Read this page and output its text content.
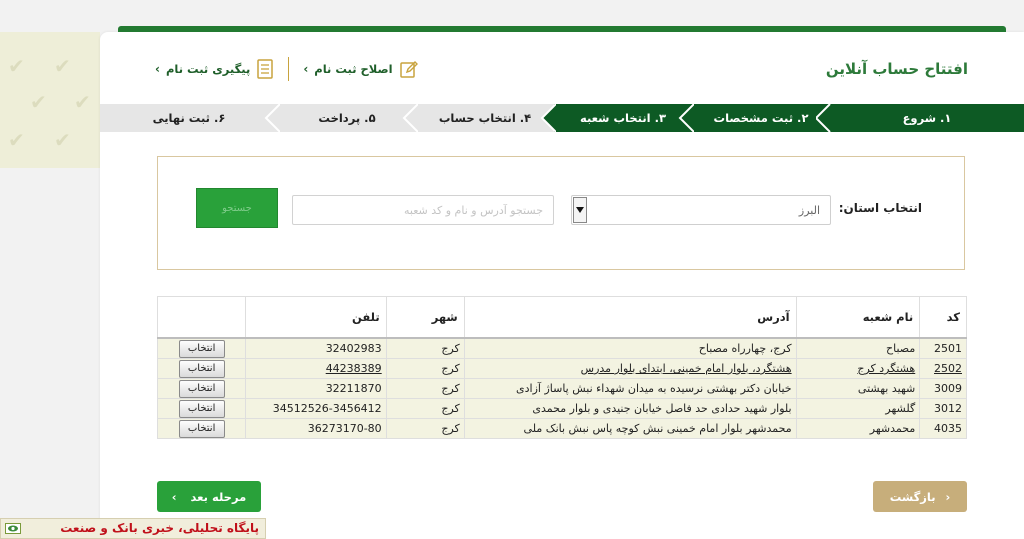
✔ ✔
✔ ✔
✔ ✔
افتتاح حساب آنلاین
‹ پیگیری ثبت نام	‹ اصلاح ثبت نام
۱. شروع
۲. ثبت مشخصات
۳. انتخاب شعبه
۴. انتخاب حساب
۵. پرداخت
۶. ثبت نهایی
انتخاب استان:
البرز
جستجو آدرس و نام و کد شعبه
جستجو
کد	نام شعبه	آدرس	شهر	تلفن	
2501	مصباح	کرج، چهارراه مصباح	کرج	32402983	انتخاب
2502	هشتگرد کرج	هشتگرد، بلوار امام خمینی، ابتدای بلوار مدرس	کرج	44238389	انتخاب
3009	شهید بهشتی	خیابان دکتر بهشتی نرسیده به میدان شهداء نبش پاساژ آزادی	کرج	32211870	انتخاب
3012	گلشهر	بلوار شهید حدادی حد فاصل خیابان جنیدی و بلوار محمدی	کرج	34512526-3456412	انتخاب
4035	محمدشهر	محمدشهر بلوار امام خمینی نبش کوچه پاس نبش بانک ملی	کرج	36273170-80	انتخاب
‹ مرحله بعد	بازگشت ›
پایگاه تحلیلی، خبری بانک و صنعت
